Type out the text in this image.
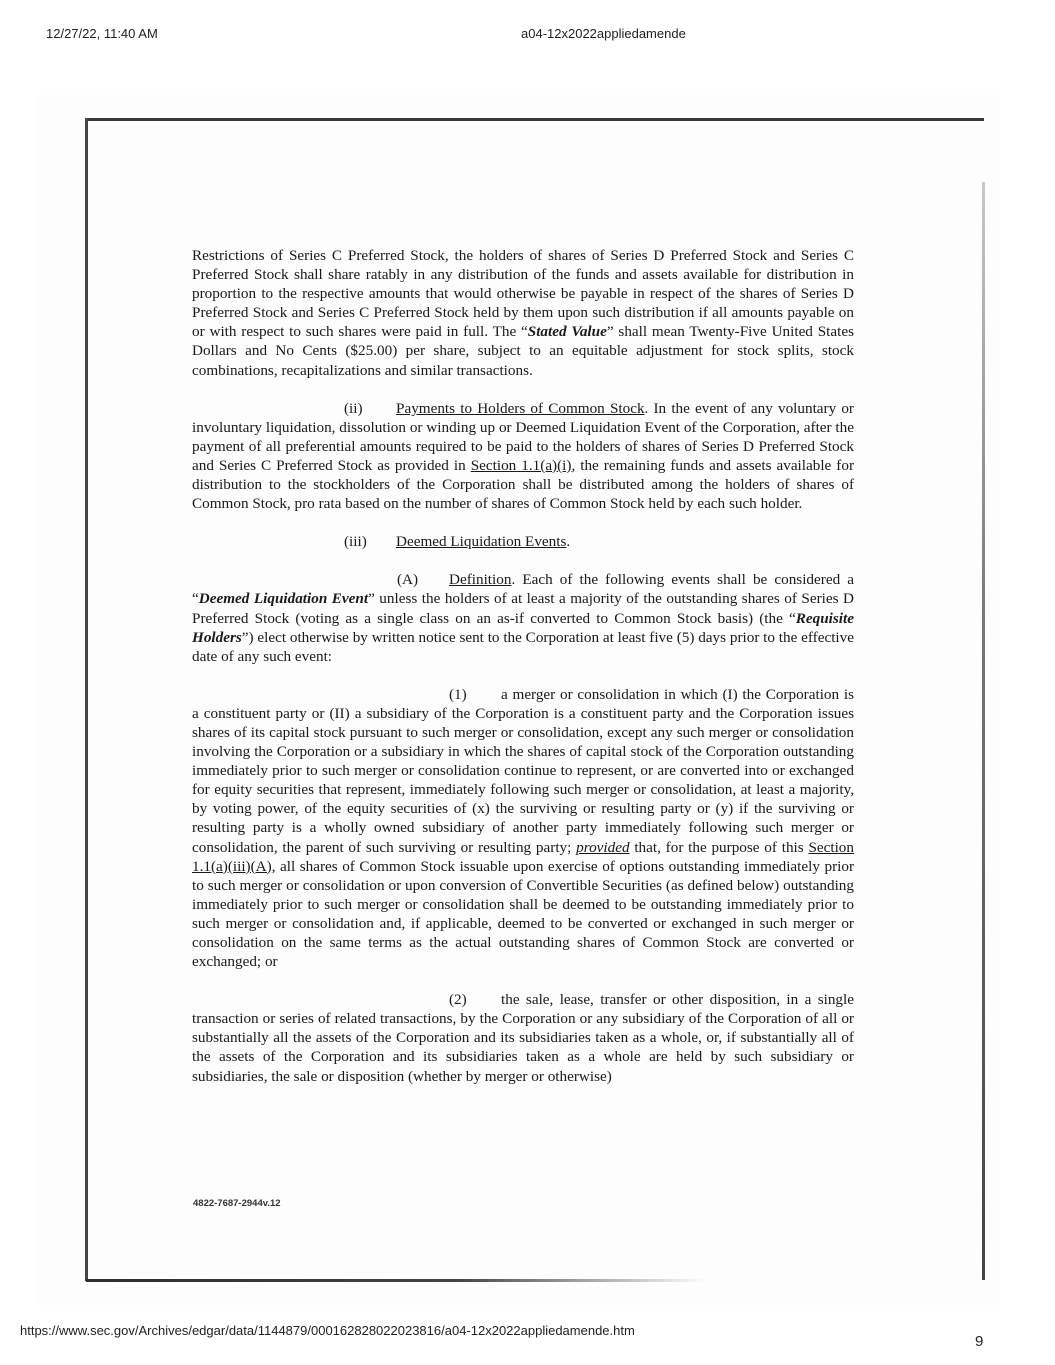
12/27/22, 11:40 AM	a04-12x2022appliedamende

Restrictions of Series C Preferred Stock, the holders of shares of Series D Preferred Stock and Series C Preferred Stock shall share ratably in any distribution of the funds and assets available for distribution in proportion to the respective amounts that would otherwise be payable in respect of the shares of Series D Preferred Stock and Series C Preferred Stock held by them upon such distribution if all amounts payable on or with respect to such shares were paid in full. The “Stated Value” shall mean Twenty-Five United States Dollars and No Cents ($25.00) per share, subject to an equitable adjustment for stock splits, stock combinations, recapitalizations and similar transactions.

(ii) Payments to Holders of Common Stock. In the event of any voluntary or involuntary liquidation, dissolution or winding up or Deemed Liquidation Event of the Corporation, after the payment of all preferential amounts required to be paid to the holders of shares of Series D Preferred Stock and Series C Preferred Stock as provided in Section 1.1(a)(i), the remaining funds and assets available for distribution to the stockholders of the Corporation shall be distributed among the holders of shares of Common Stock, pro rata based on the number of shares of Common Stock held by each such holder.

(iii) Deemed Liquidation Events.

(A) Definition. Each of the following events shall be considered a “Deemed Liquidation Event” unless the holders of at least a majority of the outstanding shares of Series D Preferred Stock (voting as a single class on an as-if converted to Common Stock basis) (the “Requisite Holders”) elect otherwise by written notice sent to the Corporation at least five (5) days prior to the effective date of any such event:

(1) a merger or consolidation in which (I) the Corporation is a constituent party or (II) a subsidiary of the Corporation is a constituent party and the Corporation issues shares of its capital stock pursuant to such merger or consolidation, except any such merger or consolidation involving the Corporation or a subsidiary in which the shares of capital stock of the Corporation outstanding immediately prior to such merger or consolidation continue to represent, or are converted into or exchanged for equity securities that represent, immediately following such merger or consolidation, at least a majority, by voting power, of the equity securities of (x) the surviving or resulting party or (y) if the surviving or resulting party is a wholly owned subsidiary of another party immediately following such merger or consolidation, the parent of such surviving or resulting party; provided that, for the purpose of this Section 1.1(a)(iii)(A), all shares of Common Stock issuable upon exercise of options outstanding immediately prior to such merger or consolidation or upon conversion of Convertible Securities (as defined below) outstanding immediately prior to such merger or consolidation shall be deemed to be outstanding immediately prior to such merger or consolidation and, if applicable, deemed to be converted or exchanged in such merger or consolidation on the same terms as the actual outstanding shares of Common Stock are converted or exchanged; or

(2) the sale, lease, transfer or other disposition, in a single transaction or series of related transactions, by the Corporation or any subsidiary of the Corporation of all or substantially all the assets of the Corporation and its subsidiaries taken as a whole, or, if substantially all of the assets of the Corporation and its subsidiaries taken as a whole are held by such subsidiary or subsidiaries, the sale or disposition (whether by merger or otherwise)

4822-7687-2944v.12
https://www.sec.gov/Archives/edgar/data/1144879/000162828022023816/a04-12x2022appliedamende.htm
9
